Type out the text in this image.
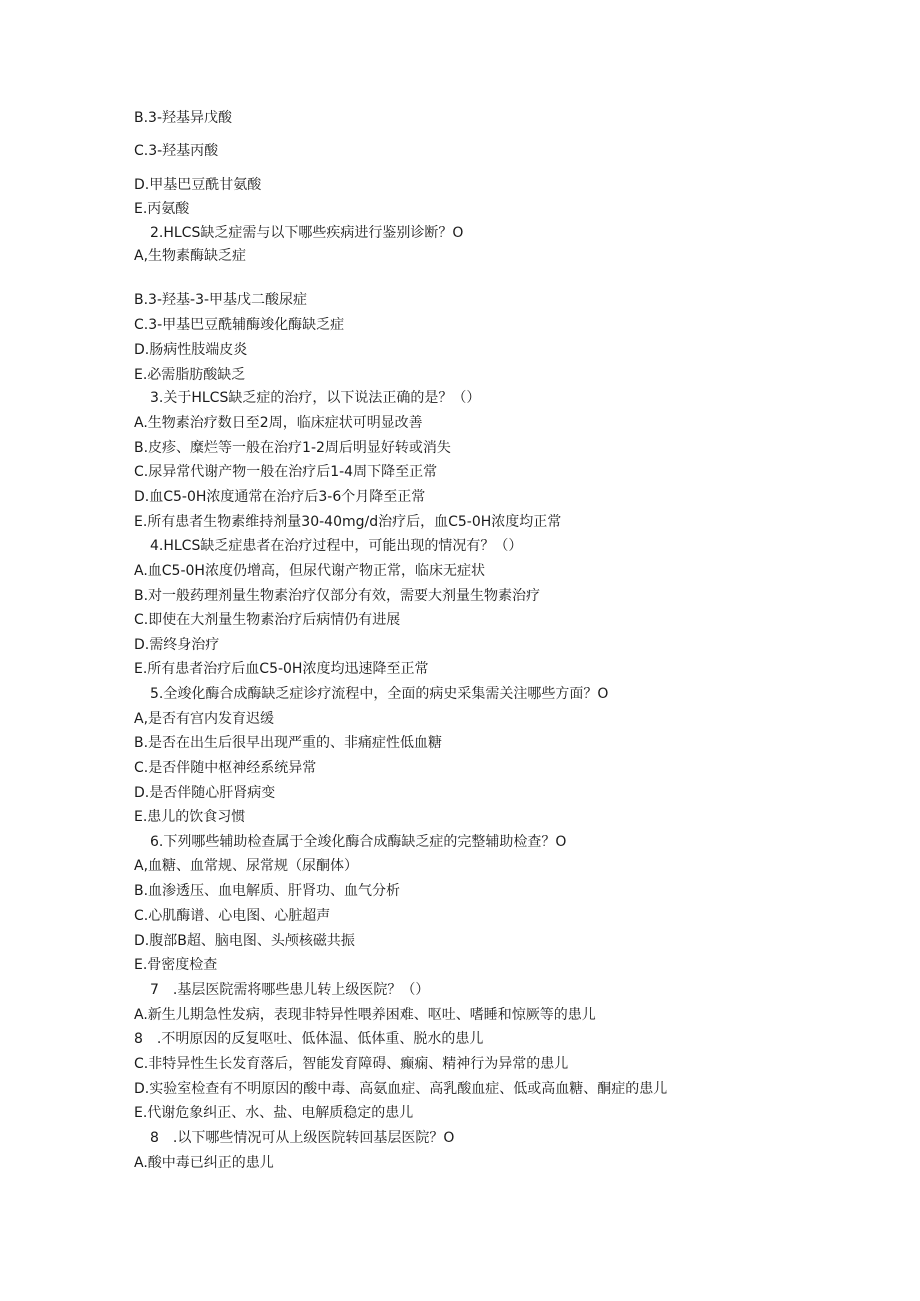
B.3-羟基异戊酸
C.3-羟基丙酸
D.甲基巴豆酰甘氨酸
E.丙氨酸
2.HLCS缺乏症需与以下哪些疾病进行鉴别诊断？O
A,生物素酶缺乏症
B.3-羟基-3-甲基戊二酸尿症
C.3-甲基巴豆酰辅酶竣化酶缺乏症
D.肠病性肢端皮炎
E.必需脂肪酸缺乏
3.关于HLCS缺乏症的治疗，以下说法正确的是？（）
A.生物素治疗数日至2周，临床症状可明显改善
B.皮疹、糜烂等一般在治疗1-2周后明显好转或消失
C.尿异常代谢产物一般在治疗后1-4周下降至正常
D.血C5-0H浓度通常在治疗后3-6个月降至正常
E.所有患者生物素维持剂量30-40mg∕d治疗后，血C5-0H浓度均正常
4.HLCS缺乏症患者在治疗过程中，可能出现的情况有？（）
A.血C5-0H浓度仍增高，但尿代谢产物正常，临床无症状
B.对一般药理剂量生物素治疗仅部分有效，需要大剂量生物素治疗
C.即使在大剂量生物素治疗后病情仍有进展
D.需终身治疗
E.所有患者治疗后血C5-0H浓度均迅速降至正常
5.全竣化酶合成酶缺乏症诊疗流程中，全面的病史采集需关注哪些方面？O
A,是否有宫内发育迟缓
B.是否在出生后很早出现严重的、非痛症性低血糖
C.是否伴随中枢神经系统异常
D.是否伴随心肝肾病变
E.患儿的饮食习惯
6.下列哪些辅助检查属于全竣化酶合成酶缺乏症的完整辅助检查？O
A,血糖、血常规、尿常规（尿酮体）
B.血渗透压、血电解质、肝肾功、血气分析
C.心肌酶谱、心电图、心脏超声
D.腹部B超、脑电图、头颅核磁共振
E.骨密度检查
7　.基层医院需将哪些患儿转上级医院？（）
A.新生儿期急性发病，表现非特异性喂养困难、呕吐、嗜睡和惊厥等的患儿
8　.不明原因的反复呕吐、低体温、低体重、脱水的患儿
C.非特异性生长发育落后，智能发育障碍、癫痫、精神行为异常的患儿
D.实验室检查有不明原因的酸中毒、高氨血症、高乳酸血症、低或高血糖、酮症的患儿
E.代谢危象纠正、水、盐、电解质稳定的患儿
8　.以下哪些情况可从上级医院转回基层医院？O
A.酸中毒已纠正的患儿
